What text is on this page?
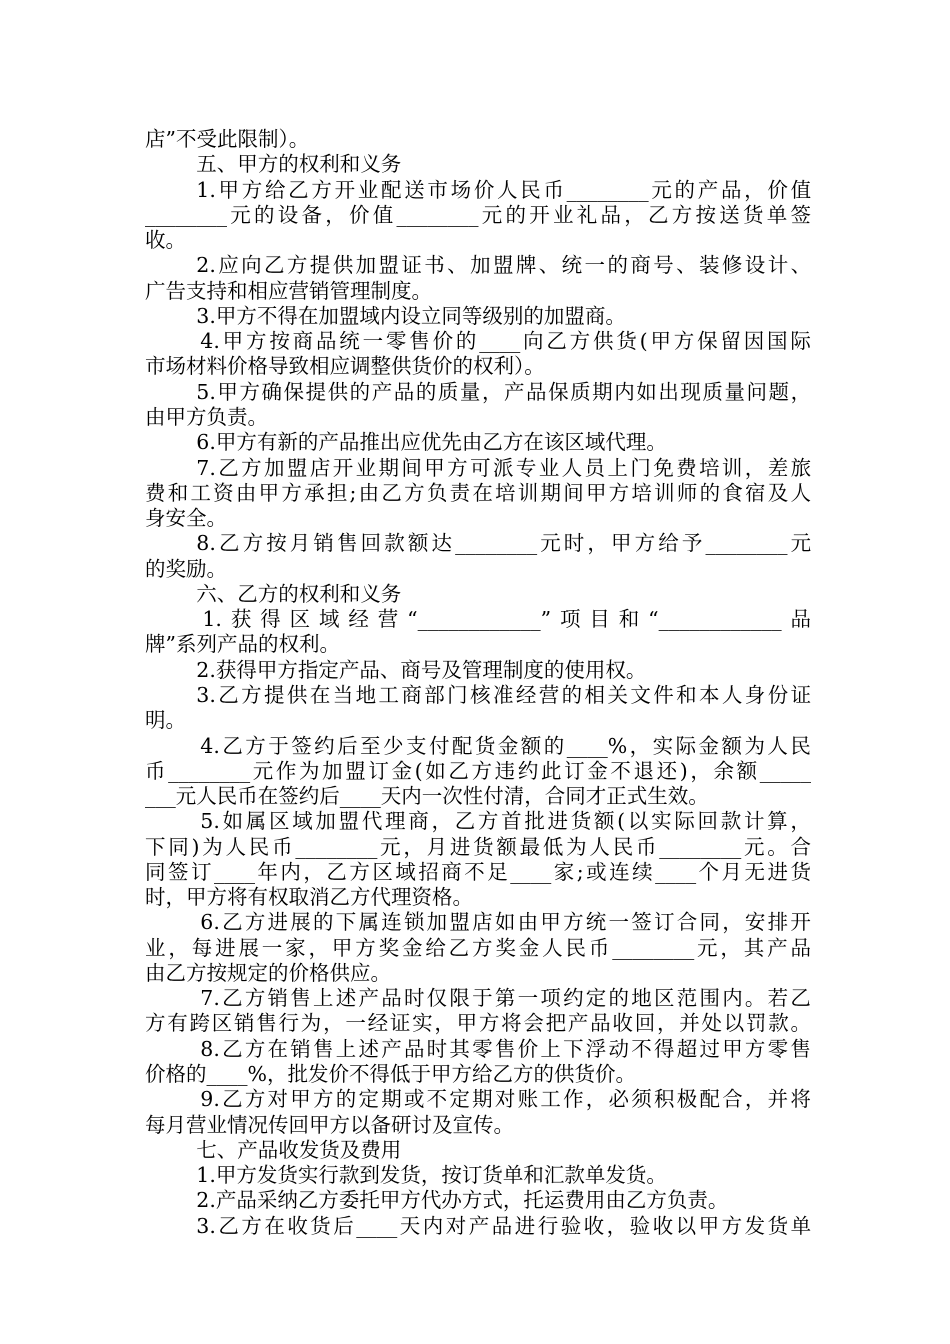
店”不受此限制）。

五、甲方的权利和义务

1.甲方给乙方开业配送市场价人民币________元的产品，价值

________元的设备，价值________元的开业礼品，乙方按送货单签

收。

2.应向乙方提供加盟证书、加盟牌、统一的商号、装修设计、

广告支持和相应营销管理制度。

3.甲方不得在加盟域内设立同等级别的加盟商。

4.甲方按商品统一零售价的____向乙方供货(甲方保留因国际

市场材料价格导致相应调整供货价的权利）。

5.甲方确保提供的产品的质量，产品保质期内如出现质量问题，

由甲方负责。

6.甲方有新的产品推出应优先由乙方在该区域代理。

7.乙方加盟店开业期间甲方可派专业人员上门免费培训，差旅

费和工资由甲方承担;由乙方负责在培训期间甲方培训师的食宿及人

身安全。

8.乙方按月销售回款额达________元时，甲方给予________元

的奖励。

六、乙方的权利和义务

1.获得区域经营“____________”项目和“____________品

牌”系列产品的权利。

2.获得甲方指定产品、商号及管理制度的使用权。

3.乙方提供在当地工商部门核准经营的相关文件和本人身份证

明。

4.乙方于签约后至少支付配货金额的____%，实际金额为人民

币________元作为加盟订金(如乙方违约此订金不退还)，余额_____

___元人民币在签约后____天内一次性付清，合同才正式生效。

5.如属区域加盟代理商，乙方首批进货额(以实际回款计算，

下同)为人民币________元，月进货额最低为人民币________元。合

同签订____年内，乙方区域招商不足____家;或连续____个月无进货

时，甲方将有权取消乙方代理资格。

6.乙方进展的下属连锁加盟店如由甲方统一签订合同，安排开

业，每进展一家，甲方奖金给乙方奖金人民币________元，其产品

由乙方按规定的价格供应。

7.乙方销售上述产品时仅限于第一项约定的地区范围内。若乙

方有跨区销售行为，一经证实，甲方将会把产品收回，并处以罚款。

8.乙方在销售上述产品时其零售价上下浮动不得超过甲方零售

价格的____%，批发价不得低于甲方给乙方的供货价。

9.乙方对甲方的定期或不定期对账工作，必须积极配合，并将

每月营业情况传回甲方以备研讨及宣传。

七、产品收发货及费用

1.甲方发货实行款到发货，按订货单和汇款单发货。

2.产品采纳乙方委托甲方代办方式，托运费用由乙方负责。

3.乙方在收货后____天内对产品进行验收，验收以甲方发货单
